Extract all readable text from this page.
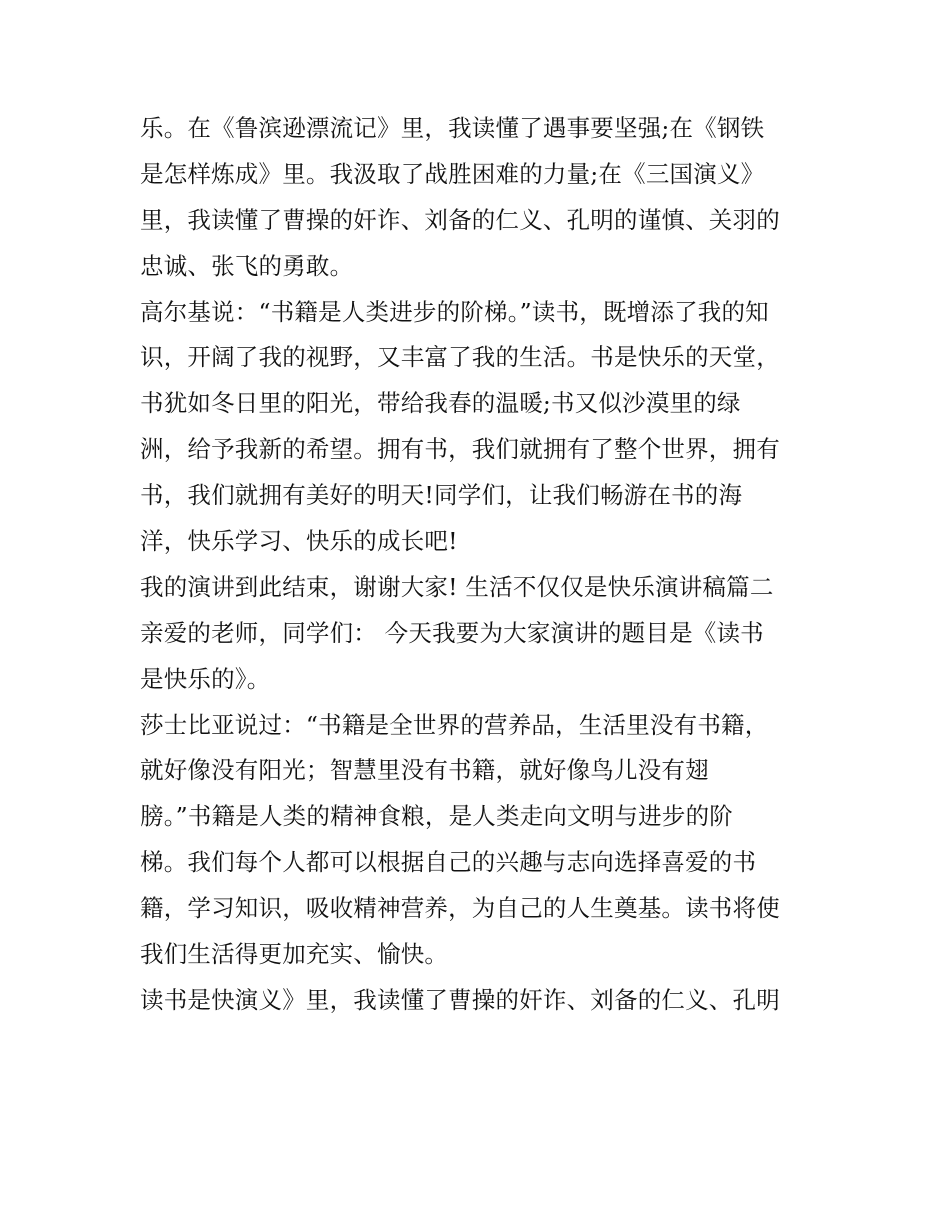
乐。在《鲁滨逊漂流记》里，我读懂了遇事要坚强;在《钢铁

是怎样炼成》里。我汲取了战胜困难的力量;在《三国演义》

里，我读懂了曹操的奸诈、刘备的仁义、孔明的谨慎、关羽的

忠诚、张飞的勇敢。

高尔基说：“书籍是人类进步的阶梯。”读书，既增添了我的知

识，开阔了我的视野，又丰富了我的生活。书是快乐的天堂，

书犹如冬日里的阳光，带给我春的温暖;书又似沙漠里的绿

洲，给予我新的希望。拥有书，我们就拥有了整个世界，拥有

书，我们就拥有美好的明天!同学们，让我们畅游在书的海

洋，快乐学习、快乐的成长吧!

我的演讲到此结束，谢谢大家! 生活不仅仅是快乐演讲稿篇二

亲爱的老师，同学们： 今天我要为大家演讲的题目是《读书

是快乐的》。

莎士比亚说过：“书籍是全世界的营养品，生活里没有书籍，

就好像没有阳光；智慧里没有书籍，就好像鸟儿没有翅

膀。”书籍是人类的精神食粮，是人类走向文明与进步的阶

梯。我们每个人都可以根据自己的兴趣与志向选择喜爱的书

籍，学习知识，吸收精神营养，为自己的人生奠基。读书将使

我们生活得更加充实、愉快。

读书是快演义》里，我读懂了曹操的奸诈、刘备的仁义、孔明
